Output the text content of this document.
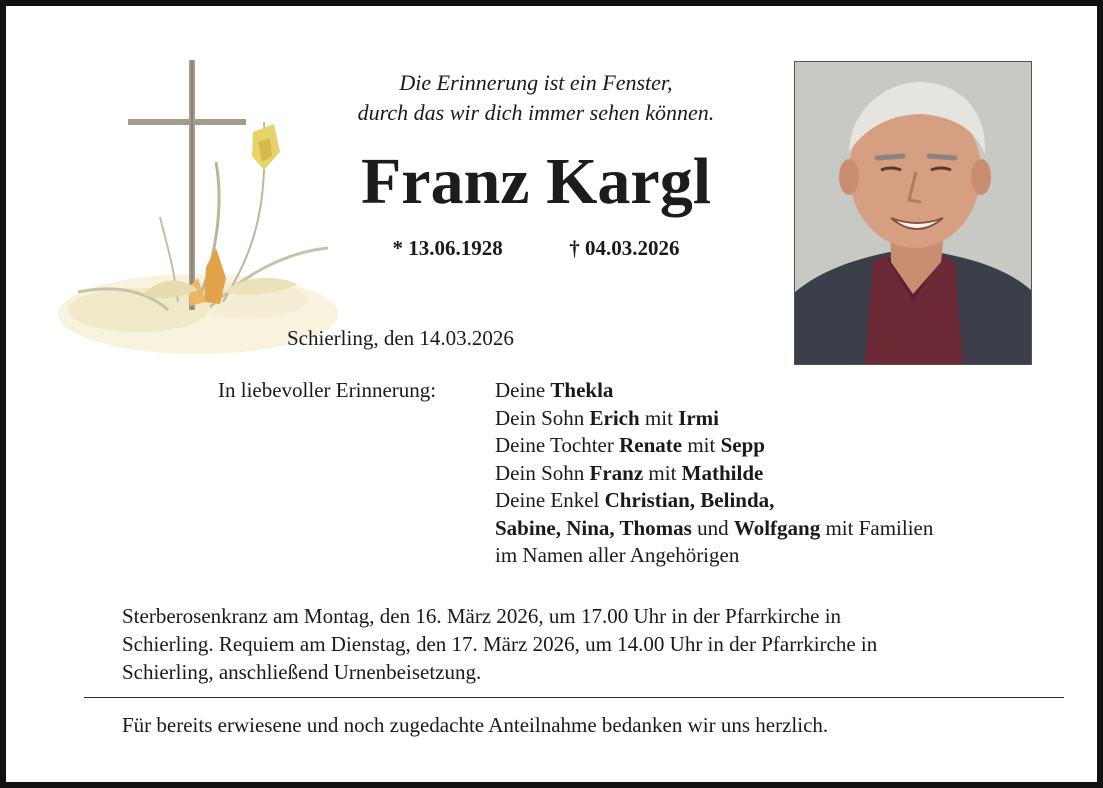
Die Erinnerung ist ein Fenster,
durch das wir dich immer sehen können.
Franz Kargl
* 13.06.1928	† 04.03.2026
Schierling, den 14.03.2026
In liebevoller Erinnerung:	Deine Thekla
Dein Sohn Erich mit Irmi
Deine Tochter Renate mit Sepp
Dein Sohn Franz mit Mathilde
Deine Enkel Christian, Belinda,
Sabine, Nina, Thomas und Wolfgang mit Familien
im Namen aller Angehörigen
Sterberosenkranz am Montag, den 16. März 2026, um 17.00 Uhr in der Pfarrkirche in
Schierling. Requiem am Dienstag, den 17. März 2026, um 14.00 Uhr in der Pfarrkirche in
Schierling, anschließend Urnenbeisetzung.
Für bereits erwiesene und noch zugedachte Anteilnahme bedanken wir uns herzlich.
